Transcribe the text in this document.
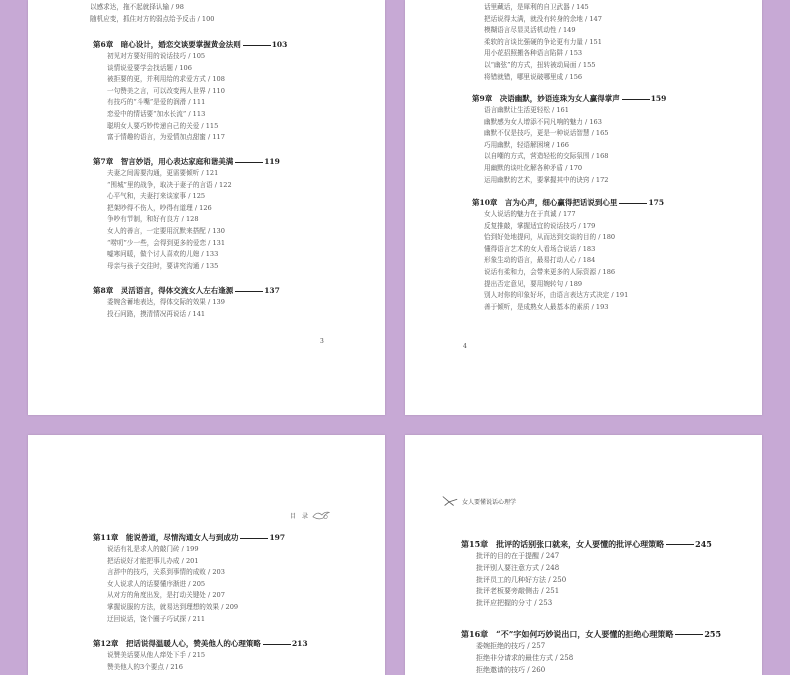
以感求达，拖不起就择认输 / 98
随机应变，抓住对方的弱点给予反击 / 100
第6章　暗心设计，婚恋交谈要掌握黄金法则	103
初见对方要好用的说话技巧 / 105
谈情说爱要学会找话题 / 106
被拒要的更，并利用给的求爱方式 / 108
一句赞美之言，可以改变两人世界 / 110
有技巧的“斗嘴”是爱的润滑 / 111
恋爱中的情话要“加水长流” / 113
聪明女人要巧妙传递自己的关爱 / 115
富于情趣的语言，为爱情加点甜蜜 / 117
第7章　智言妙语，用心表达家庭和谐美满	119
夫妻之间需要沟通，更需要倾听 / 121
“围城”里的战争，取决于妻子的言语 / 122
心平气和，夫妻打来谈家事 / 125
把架吵得不伤人，吵得有道理 / 126
争吵有节制，和好有良方 / 128
女人的善言，一定要用沉默来搭配 / 130
“唠叨”少一些，会得到更多的爱恋 / 131
嘘寒问暖，做个讨人喜欢的儿媳 / 133
母亲与孩子交往时，要讲究沟通 / 135
第8章　灵活语言，得体交流女人左右逢源	137
委婉含蓄地表达，得体交际的效果 / 139
投石问路，摸清情况再说话 / 141
3
话里藏话，是犀利的自卫武器 / 145
把话说得太满，就没有转身的余地 / 147
模糊语言尽显灵活机动性 / 149
柔软的言谈比强硬的争论更有力量 / 151
用小花招照搬各种语言陷阱 / 153
以“幽弦”的方式，扭转被动局面 / 155
将错就错，哪里说破哪里成 / 156
第9章　决语幽默，妙语连珠为女人赢得掌声	159
语言幽默让生活更轻松 / 161
幽默感为女人增添不同凡响的魅力 / 163
幽默不仅是技巧，更是一种说话智慧 / 165
巧用幽默，轻语解困境 / 166
以自嘲的方式，营造轻松的交际氛围 / 168
用幽默的谈吐化解各种矛盾 / 170
运用幽默的艺术，要掌握其中的诀窍 / 172
第10章　言为心声，细心赢得把话说到心里	175
女人说话的魅力在于真诚 / 177
反复推敲，掌握适宜的说话技巧 / 179
恰到好处地提问，从而达到交谈的目的 / 180
懂得语言艺术的女人看场合说话 / 183
形象生动的语言，最易打动人心 / 184
说话有柔和力，会带来更多的人际资源 / 186
提出否定意见，要用婉转句 / 189
别人对你的印象好坏，由语言表达方式决定 / 191
善于倾听，是成熟女人最基本的素质 / 193
4
目　录
第11章　能说善道，尽情沟通女人与到成功	197
说话有礼是求人的敲门砖 / 199
把话说好才能把事儿办成 / 201
言辞中的技巧，关系到事情的成败 / 203
女人说求人的话要懂序渐进 / 205
从对方的角度出发，是打动关键处 / 207
掌握说服的方法，就易达到理想的效果 / 209
迂回说话，饶个圈子巧试探 / 211
第12章　把话说得温暖人心，赞美他人的心理策略	213
说赞美话要从他人痒处下手 / 215
赞美他人的3个要点 / 216
女人要懂说话心理学
第15章　批评的话别张口就来，女人要懂的批评心理策略	245
批评的目的在于提醒 / 247
批评别人要注意方式 / 248
批评员工的几种好方法 / 250
批评老板要旁敲侧击 / 251
批评应把握的分寸 / 253
第16章　“不”字如何巧妙说出口，女人要懂的拒绝心理策略	255
委婉拒绝的技巧 / 257
拒绝非分请求的最佳方式 / 258
拒绝邀请的技巧 / 260
